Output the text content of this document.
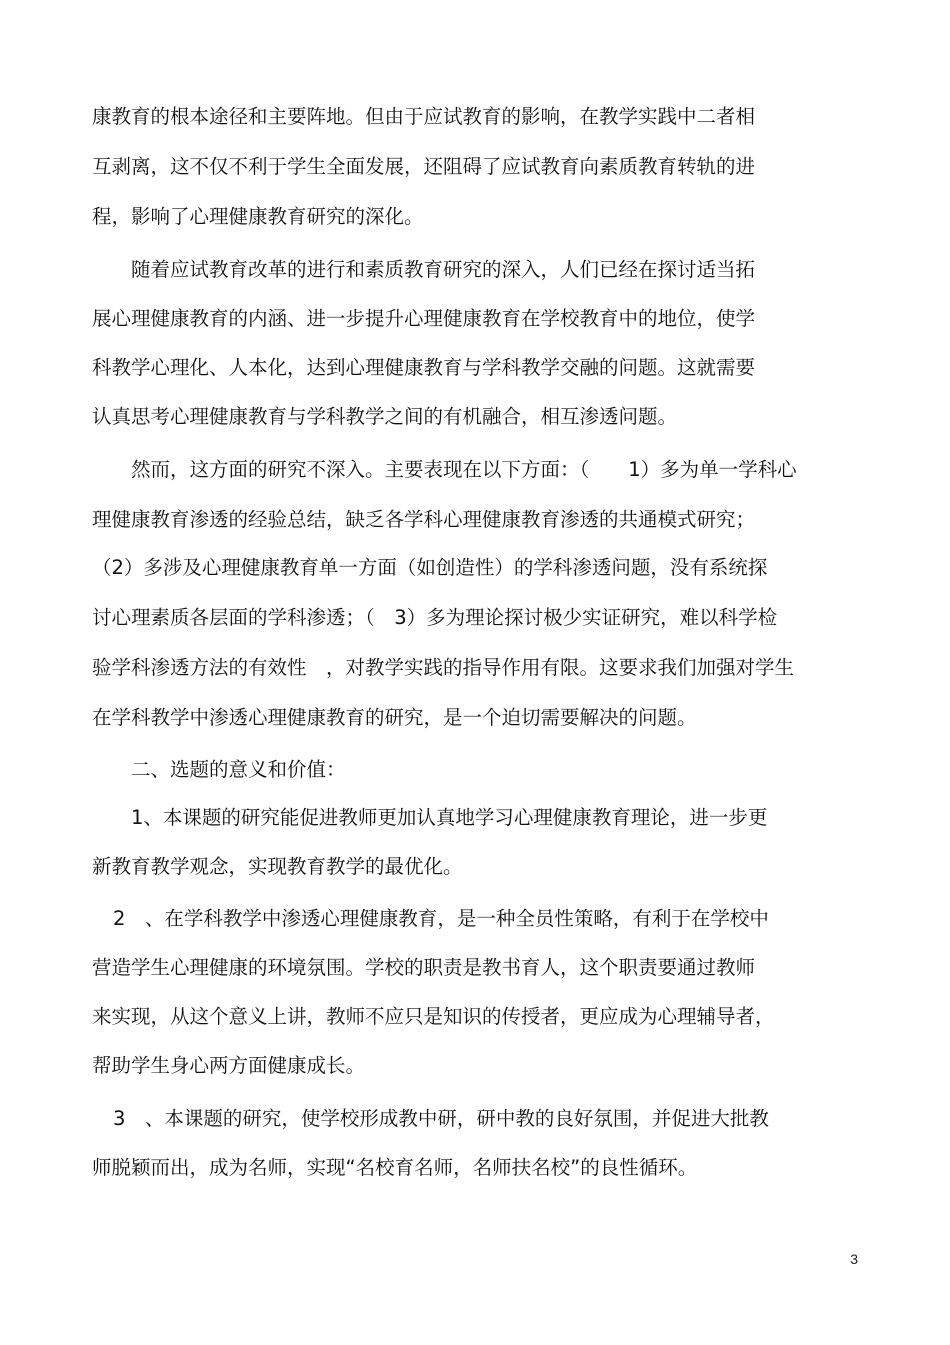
康教育的根本途径和主要阵地。但由于应试教育的影响，在教学实践中二者相
互剥离，这不仅不利于学生全面发展，还阻碍了应试教育向素质教育转轨的进
程，影响了心理健康教育研究的深化。
随着应试教育改革的进行和素质教育研究的深入，人们已经在探讨适当拓
展心理健康教育的内涵、进一步提升心理健康教育在学校教育中的地位，使学
科教学心理化、人本化，达到心理健康教育与学科教学交融的问题。这就需要
认真思考心理健康教育与学科教学之间的有机融合，相互渗透问题。
然而，这方面的研究不深入。主要表现在以下方面：（　　1）多为单一学科心
理健康教育渗透的经验总结，缺乏各学科心理健康教育渗透的共通模式研究；
（2）多涉及心理健康教育单一方面（如创造性）的学科渗透问题，没有系统探
讨心理素质各层面的学科渗透；（　3）多为理论探讨极少实证研究，难以科学检
验学科渗透方法的有效性　，对教学实践的指导作用有限。这要求我们加强对学生
在学科教学中渗透心理健康教育的研究，是一个迫切需要解决的问题。
二、选题的意义和价值：
1、本课题的研究能促进教师更加认真地学习心理健康教育理论，进一步更
新教育教学观念，实现教育教学的最优化。
2　、在学科教学中渗透心理健康教育，是一种全员性策略，有利于在学校中
营造学生心理健康的环境氛围。学校的职责是教书育人，这个职责要通过教师
来实现，从这个意义上讲，教师不应只是知识的传授者，更应成为心理辅导者，
帮助学生身心两方面健康成长。
3　、本课题的研究，使学校形成教中研，研中教的良好氛围，并促进大批教
师脱颖而出，成为名师，实现“名校育名师，名师扶名校”的良性循环。
3
